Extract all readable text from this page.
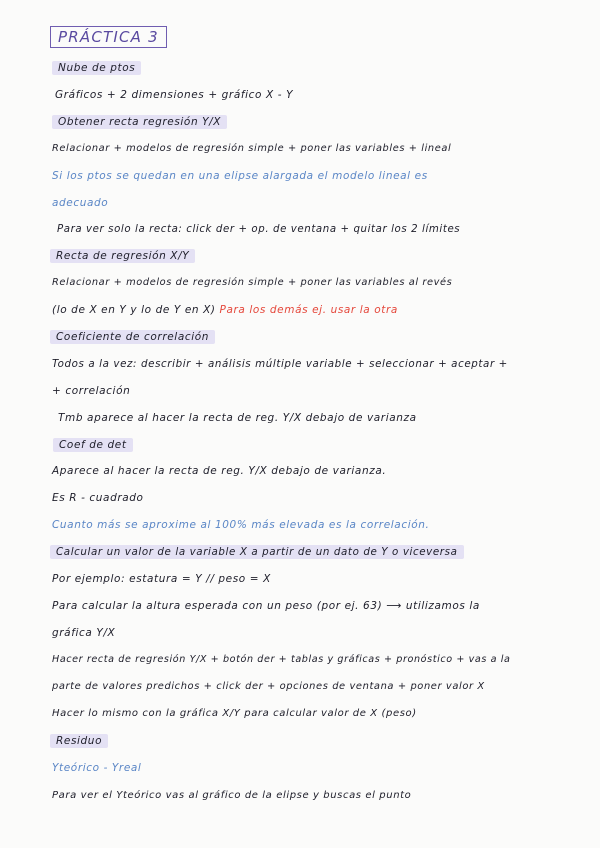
PRÁCTICA 3
Nube de ptos
Gráficos + 2 dimensiones + gráfico X - Y
Obtener recta regresión Y/X
Relacionar + modelos de regresión simple + poner las variables + lineal
Si los ptos se quedan en una elipse alargada el modelo lineal es
adecuado
Para ver solo la recta: click der + op. de ventana + quitar los 2 límites
Recta de regresión X/Y
Relacionar + modelos de regresión simple + poner las variables al revés
(lo de X en Y y lo de Y en X) Para los demás ej. usar la otra
Coeficiente de correlación
Todos a la vez: describir + análisis múltiple variable + seleccionar + aceptar +
+ correlación
Tmb aparece al hacer la recta de reg. Y/X debajo de varianza
Coef de det
Aparece al hacer la recta de reg. Y/X debajo de varianza.
Es R - cuadrado
Cuanto más se aproxime al 100% más elevada es la correlación.
Calcular un valor de la variable X a partir de un dato de Y o viceversa
Por ejemplo: estatura = Y // peso = X
Para calcular la altura esperada con un peso (por ej. 63) ⟶ utilizamos la
gráfica Y/X
Hacer recta de regresión Y/X + botón der + tablas y gráficas + pronóstico + vas a la
parte de valores predichos + click der + opciones de ventana + poner valor X
Hacer lo mismo con la gráfica X/Y para calcular valor de X (peso)
Residuo
Yteórico - Yreal
Para ver el Yteórico vas al gráfico de la elipse y buscas el punto
